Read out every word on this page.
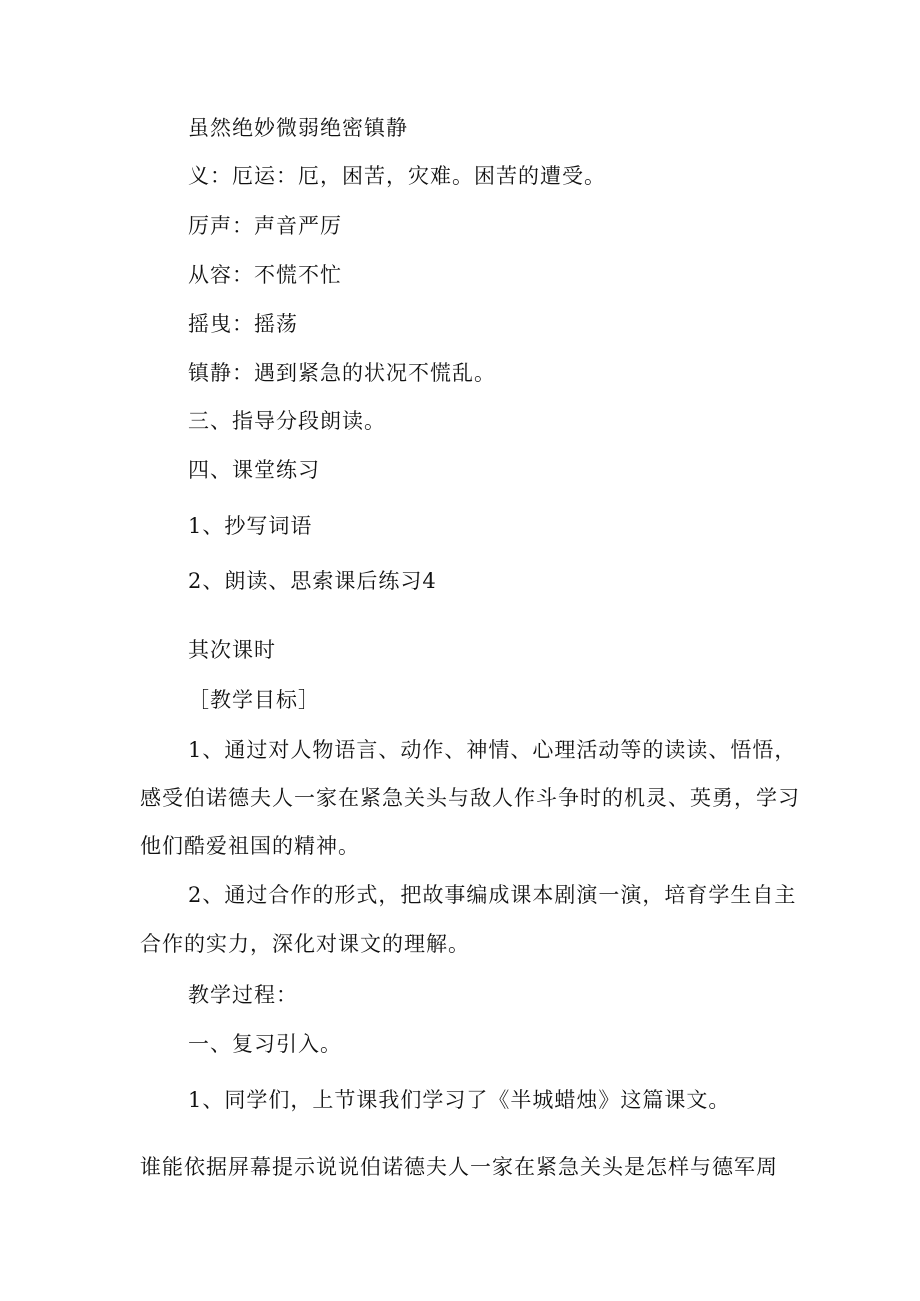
虽然绝妙微弱绝密镇静
义：厄运：厄，困苦，灾难。困苦的遭受。
厉声：声音严厉
从容：不慌不忙
摇曳：摇荡
镇静：遇到紧急的状况不慌乱。
三、指导分段朗读。
四、课堂练习
1、抄写词语
2、朗读、思索课后练习4
其次课时
［教学目标］
1、通过对人物语言、动作、神情、心理活动等的读读、悟悟，
感受伯诺德夫人一家在紧急关头与敌人作斗争时的机灵、英勇，学习
他们酷爱祖国的精神。
2、通过合作的形式，把故事编成课本剧演一演，培育学生自主
合作的实力，深化对课文的理解。
教学过程：
一、复习引入。
1、同学们，上节课我们学习了《半城蜡烛》这篇课文。
谁能依据屏幕提示说说伯诺德夫人一家在紧急关头是怎样与德军周
